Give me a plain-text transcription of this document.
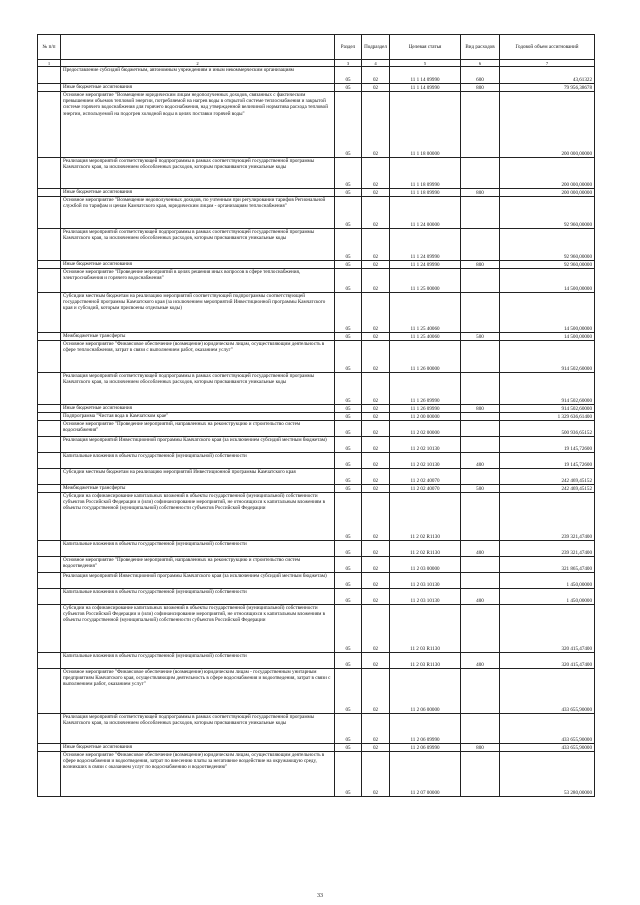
№ п/п		Раздел	Подраздел	Целевая статья	Вид расходов	Годовой объем ассигнований
1	2	3	4	5	6	7
	Предоставление субсидий бюджетным, автономным учреждениям и иным некоммерческим организациям	05	02	11 1 14 09990	600	43,61322
	Иные бюджетные ассигнования	05	02	11 1 14 09990	800	79 956,38678
	Основное мероприятие "Возмещение юридическим лицам недополученных доходов, связанных с фактическим превышением объемов тепловой энергии, потребляемой на нагрев воды в открытой системе теплоснабжения и закрытой системе горячего водоснабжения для горячего водоснабжения, над утвержденной величиной норматива расхода тепловой энергии, используемой на подогрев холодной воды в целях поставки горячей воды"	05	02	11 1 18 00000		200 000,00000
	Реализация мероприятий соответствующей подпрограммы в рамках соответствующей государственной программы Камчатского края, за исключением обособленных расходов, которым присваиваются уникальные коды	05	02	11 1 18 09990		200 000,00000
	Иные бюджетные ассигнования	05	02	11 1 18 09990	800	200 000,00000
	Основное мероприятие "Возмещение недополученных доходов, по учтенным при регулировании тарифов Региональной службой по тарифам и ценам Камчатского края, юридическим лицам - организациям теплоснабжения"	05	02	11 1 24 00000		92 960,00000
	Реализация мероприятий соответствующей подпрограммы в рамках соответствующей государственной программы Камчатского края, за исключением обособленных расходов, которым присваиваются уникальные коды	05	02	11 1 24 09990		92 960,00000
	Иные бюджетные ассигнования	05	02	11 1 24 09990	800	92 960,00000
	Основное мероприятие "Проведение мероприятий в целях решения иных вопросов в сфере теплоснабжения, электроснабжения и горячего водоснабжения"	05	02	11 1 25 00000		14 500,00000
	Субсидии местным бюджетам на реализацию мероприятий соответствующей подпрограммы соответствующей государственной программы Камчатского края (за исключением мероприятий Инвестиционной программы Камчатского края и субсидий, которым присвоены отдельные коды)	05	02	11 1 25 40060		14 500,00000
	Межбюджетные трансферты	05	02	11 1 25 40060	500	14 500,00000
	Основное мероприятие "Финансовое обеспечение (возмещение) юридическим лицам, осуществляющим деятельность в сфере теплоснабжения, затрат в связи с выполнением работ, оказанием услуг"	05	02	11 1 26 00000		914 502,60000
	Реализация мероприятий соответствующей подпрограммы в рамках соответствующей государственной программы Камчатского края, за исключением обособленных расходов, которым присваиваются уникальные коды	05	02	11 1 26 09990		914 502,60000
	Иные бюджетные ассигнования	05	02	11 1 26 09990	800	914 502,60000
	Подпрограмма "Чистая вода в Камчатском крае"	05	02	11 2 00 00000		1 329 636,61400
	Основное мероприятие "Проведение мероприятий, направленных на реконструкцию и строительство систем водоснабжения"	05	02	11 2 02 00000		500 936,65152
	Реализация мероприятий Инвестиционной программы Камчатского края (за исключением субсидий местным бюджетам)	05	02	11 2 02 10130		19 145,72600
	Капитальные вложения в объекты государственной (муниципальной) собственности	05	02	11 2 02 10130	400	19 145,72600
	Субсидии местным бюджетам на реализацию мероприятий Инвестиционной программы Камчатского края	05	02	11 2 02 40070		242 469,45152
	Межбюджетные трансферты	05	02	11 2 02 40070	500	242 469,45152
	Субсидии на софинансирование капитальных вложений в объекты государственной (муниципальной) собственности субъектов Российской Федерации и (или) софинансирование мероприятий, не относящихся к капитальным вложениям в объекты государственной (муниципальной) собственности субъектов Российской Федерации	05	02	11 2 02 R1130		239 321,47400
	Капитальные вложения в объекты государственной (муниципальной) собственности	05	02	11 2 02 R1130	400	239 321,47400
	Основное мероприятие "Проведение мероприятий, направленных на реконструкцию и строительство систем водоотведения"	05	02	11 2 03 00000		321 865,47400
	Реализация мероприятий Инвестиционной программы Камчатского края (за исключением субсидий местным бюджетам)	05	02	11 2 03 10130		1 450,00000
	Капитальные вложения в объекты государственной (муниципальной) собственности	05	02	11 2 03 10130	400	1 450,00000
	Субсидии на софинансирование капитальных вложений в объекты государственной (муниципальной) собственности субъектов Российской Федерации и (или) софинансирование мероприятий, не относящихся к капитальным вложениям в объекты государственной (муниципальной) собственности субъектов Российской Федерации	05	02	11 2 03 R1130		320 415,47400
	Капитальные вложения в объекты государственной (муниципальной) собственности	05	02	11 2 03 R1130	400	320 415,47400
	Основное мероприятие "Финансовое обеспечение (возмещение) юридическим лицам - государственным унитарным предприятиям Камчатского края, осуществляющим деятельность в сфере водоснабжения и водоотведения, затрат в связи с выполнением работ, оказанием услуг"	05	02	11 2 06 00000		433 655,90000
	Реализация мероприятий соответствующей подпрограммы в рамках соответствующей государственной программы Камчатского края, за исключением обособленных расходов, которым присваиваются уникальные коды	05	02	11 2 06 09990		433 655,90000
	Иные бюджетные ассигнования	05	02	11 2 06 09990	800	433 655,90000
	Основное мероприятие "Финансовое обеспечение (возмещение) юридическим лицам, осуществляющим деятельность в сфере водоснабжения и водоотведения, затрат по внесению платы за негативное воздействие на окружающую среду, возникших в связи с оказанием услуг по водоснабжению и водоотведению"	05	02	11 2 07 00000		53 280,00000
33
